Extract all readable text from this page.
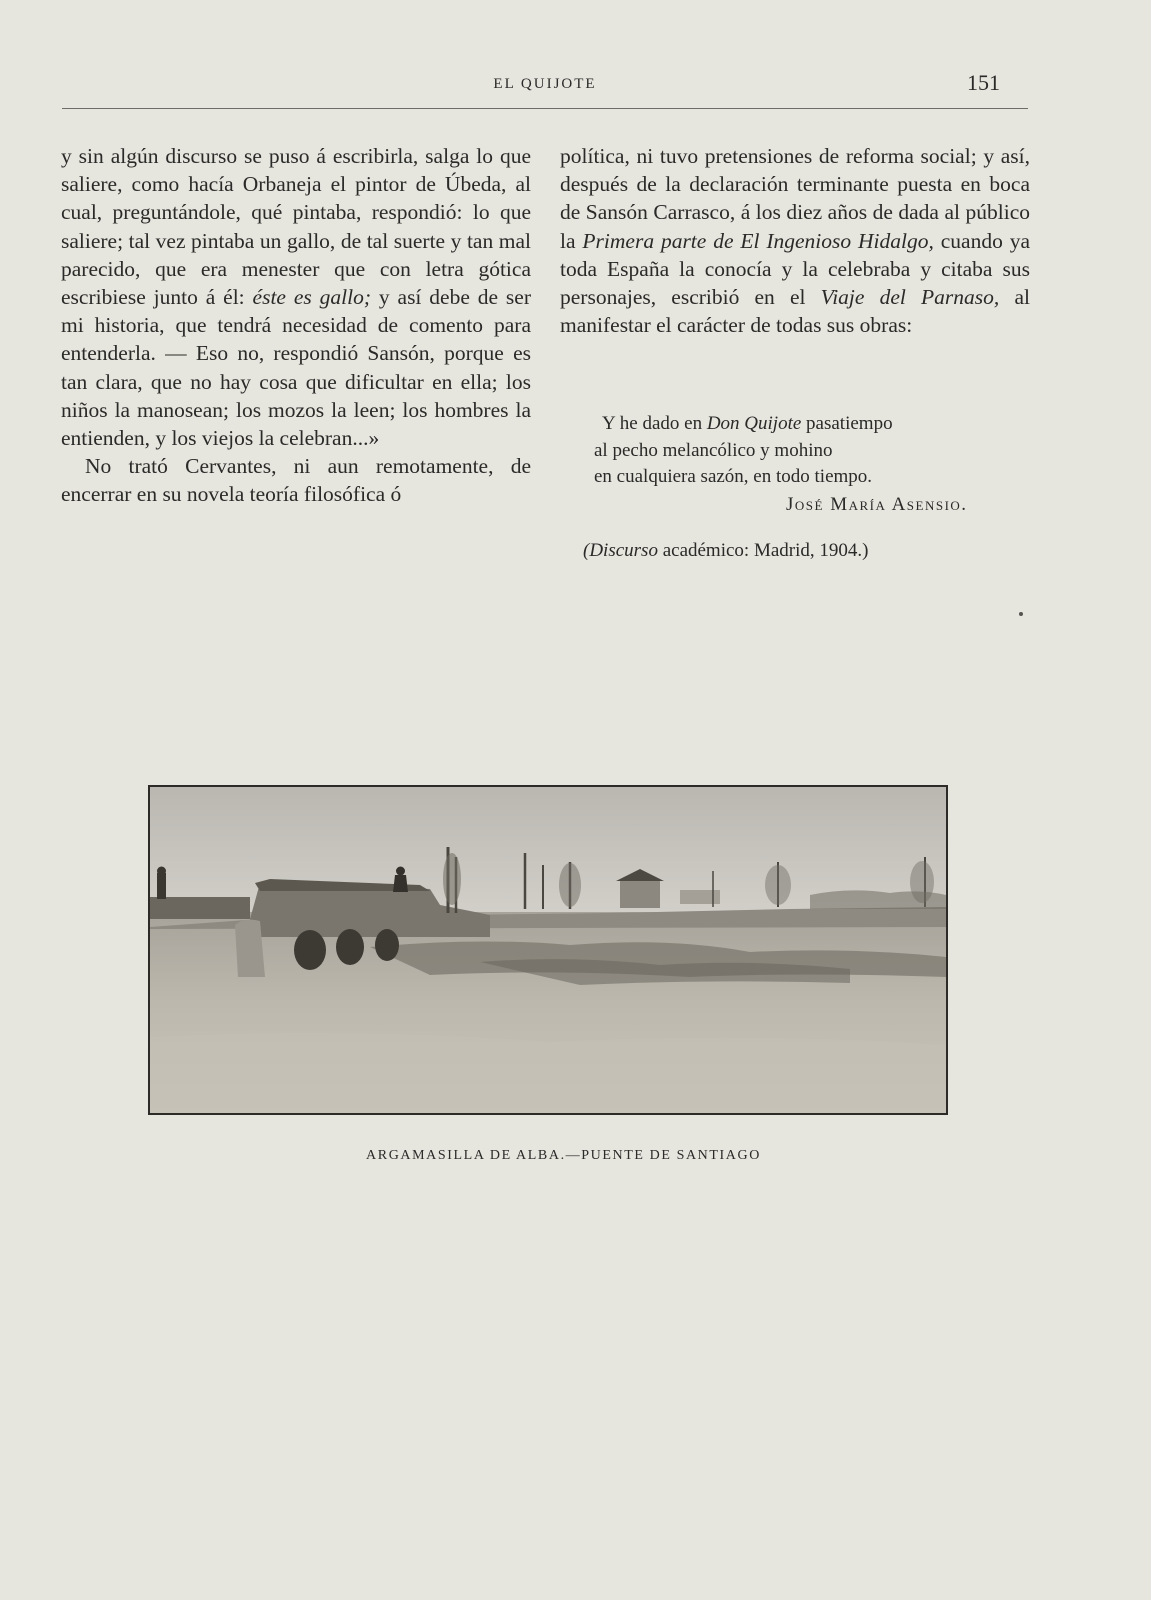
EL QUIJOTE	151

y sin algún discurso se puso á escribirla, salga lo que saliere, como hacía Orbaneja el pintor de Úbeda, al cual, preguntándole, qué pintaba, respondió: lo que saliere; tal vez pintaba un gallo, de tal suerte y tan mal parecido, que era menester que con letra gótica escribiese junto á él: éste es gallo; y así debe de ser mi historia, que tendrá necesidad de comento para entenderla. — Eso no, respondió Sansón, porque es tan clara, que no hay cosa que dificultar en ella; los niños la manosean; los mozos la leen; los hombres la entienden, y los viejos la celebran...»

No trató Cervantes, ni aun remotamente, de encerrar en su novela teoría filosófica ó

política, ni tuvo pretensiones de reforma social; y así, después de la declaración terminante puesta en boca de Sansón Carrasco, á los diez años de dada al público la Primera parte de El Ingenioso Hidalgo, cuando ya toda España la conocía y la celebraba y citaba sus personajes, escribió en el Viaje del Parnaso, al manifestar el carácter de todas sus obras:

Y he dado en Don Quijote pasatiempo
al pecho melancólico y mohino
en cualquiera sazón, en todo tiempo.
José María Asensio.
(Discurso académico: Madrid, 1904.)
ARGAMASILLA DE ALBA.—PUENTE DE SANTIAGO
